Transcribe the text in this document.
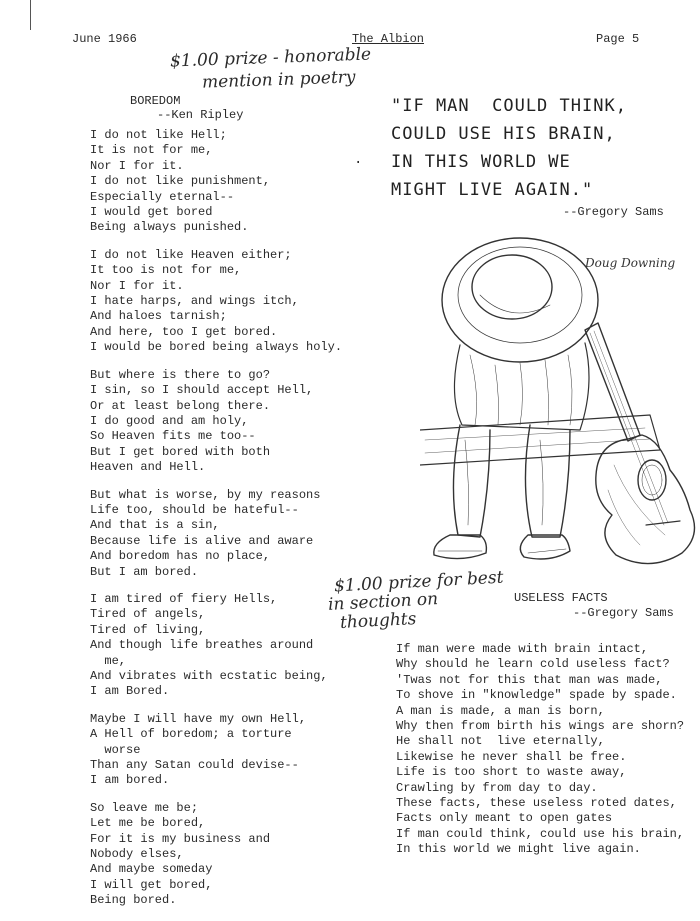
June 1966	The Albion	Page 5
$1.00 prize - honorable
mention in poetry
BOREDOM
--Ken Ripley
I do not like Hell;
It is not for me,
Nor I for it.
I do not like punishment,
Especially eternal--
I would get bored
Being always punished.
I do not like Heaven either;
It too is not for me,
Nor I for it.
I hate harps, and wings itch,
And haloes tarnish;
And here, too I get bored.
I would be bored being always holy.
But where is there to go?
I sin, so I should accept Hell,
Or at least belong there.
I do good and am holy,
So Heaven fits me too--
But I get bored with both
Heaven and Hell.
But what is worse, by my reasons
Life too, should be hateful--
And that is a sin,
Because life is alive and aware
And boredom has no place,
But I am bored.
I am tired of fiery Hells,
Tired of angels,
Tired of living,
And though life breathes around
me,
And vibrates with ecstatic being,
I am Bored.
Maybe I will have my own Hell,
A Hell of boredom; a torture
worse
Than any Satan could devise--
I am bored.
So leave me be;
Let me be bored,
For it is my business and
Nobody elses,
And maybe someday
I will get bored,
Being bored.
"IF MAN  COULD THINK,
COULD USE HIS BRAIN,
IN THIS WORLD WE
MIGHT LIVE AGAIN."
·
--Gregory Sams
Doug Downing
$1.00 prize for best
in section on
thoughts
USELESS FACTS
--Gregory Sams
If man were made with brain intact,
Why should he learn cold useless fact?
'Twas not for this that man was made,
To shove in "knowledge" spade by spade.
A man is made, a man is born,
Why then from birth his wings are shorn?
He shall not  live eternally,
Likewise he never shall be free.
Life is too short to waste away,
Crawling by from day to day.
These facts, these useless roted dates,
Facts only meant to open gates
If man could think, could use his brain,
In this world we might live again.
